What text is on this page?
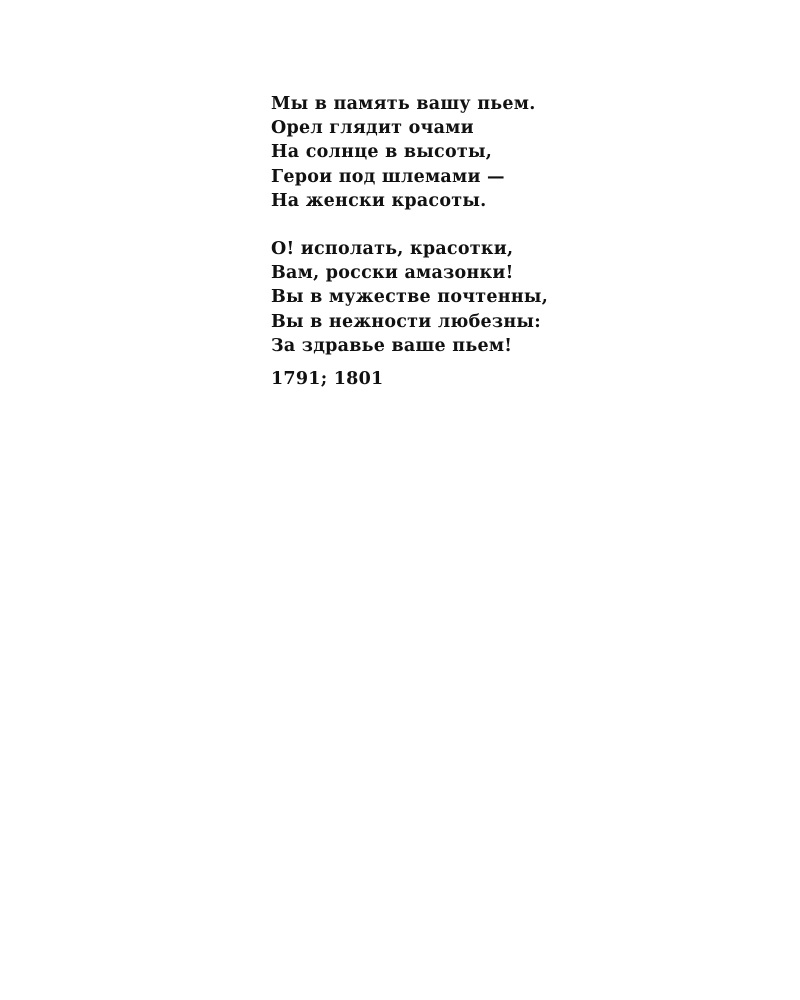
Мы в память вашу пьем.
Орел глядит очами
На солнце в высоты,
Герои под шлемами —
На женски красоты.
О! исполать, красотки,
Вам, росски амазонки!
Вы в мужестве почтенны,
Вы в нежности любезны:
За здравье ваше пьем!
1791; 1801
